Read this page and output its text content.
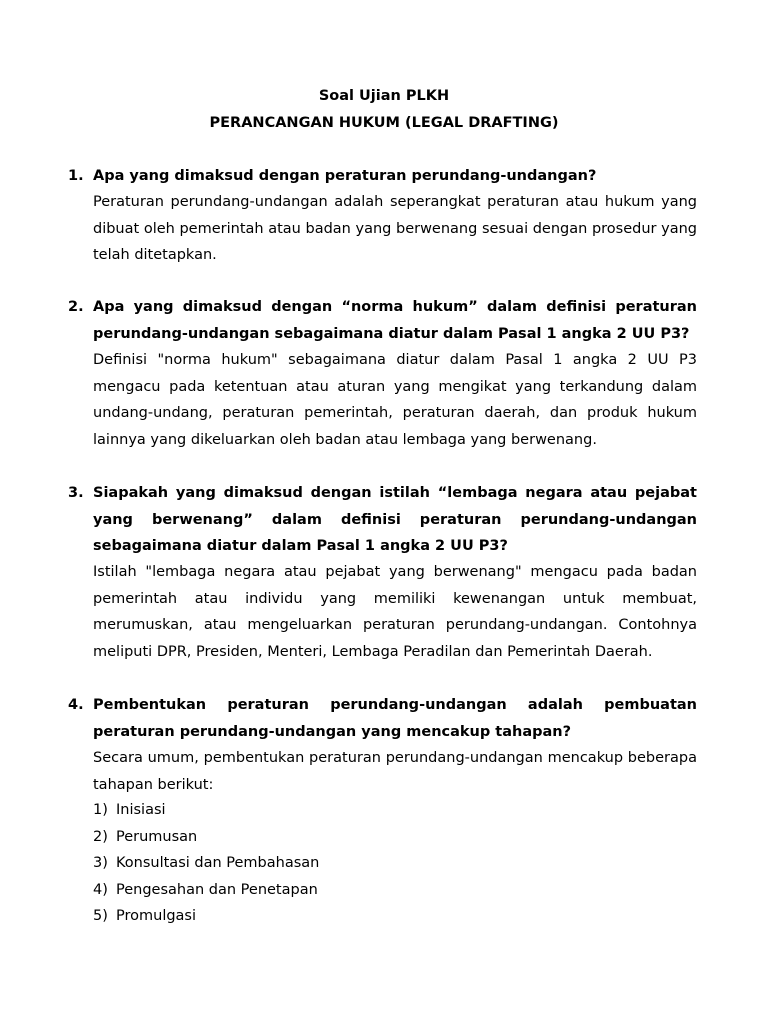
Soal Ujian PLKH
PERANCANGAN HUKUM (LEGAL DRAFTING)
1. Apa yang dimaksud dengan peraturan perundang-undangan?

Peraturan perundang-undangan adalah seperangkat peraturan atau hukum yang dibuat oleh pemerintah atau badan yang berwenang sesuai dengan prosedur yang telah ditetapkan.

2. Apa yang dimaksud dengan “norma hukum” dalam definisi peraturan perundang-undangan sebagaimana diatur dalam Pasal 1 angka 2 UU P3?

Definisi "norma hukum" sebagaimana diatur dalam Pasal 1 angka 2 UU P3 mengacu pada ketentuan atau aturan yang mengikat yang terkandung dalam undang-undang, peraturan pemerintah, peraturan daerah, dan produk hukum lainnya yang dikeluarkan oleh badan atau lembaga yang berwenang.

3. Siapakah yang dimaksud dengan istilah “lembaga negara atau pejabat yang berwenang” dalam definisi peraturan perundang-undangan sebagaimana diatur dalam Pasal 1 angka 2 UU P3?

Istilah "lembaga negara atau pejabat yang berwenang" mengacu pada badan pemerintah atau individu yang memiliki kewenangan untuk membuat, merumuskan, atau mengeluarkan peraturan perundang-undangan. Contohnya meliputi DPR, Presiden, Menteri, Lembaga Peradilan dan Pemerintah Daerah.

4. Pembentukan peraturan perundang-undangan adalah pembuatan peraturan perundang-undangan yang mencakup tahapan?

Secara umum, pembentukan peraturan perundang-undangan mencakup beberapa tahapan berikut:

1) Inisiasi
2) Perumusan
3) Konsultasi dan Pembahasan
4) Pengesahan dan Penetapan
5) Promulgasi
